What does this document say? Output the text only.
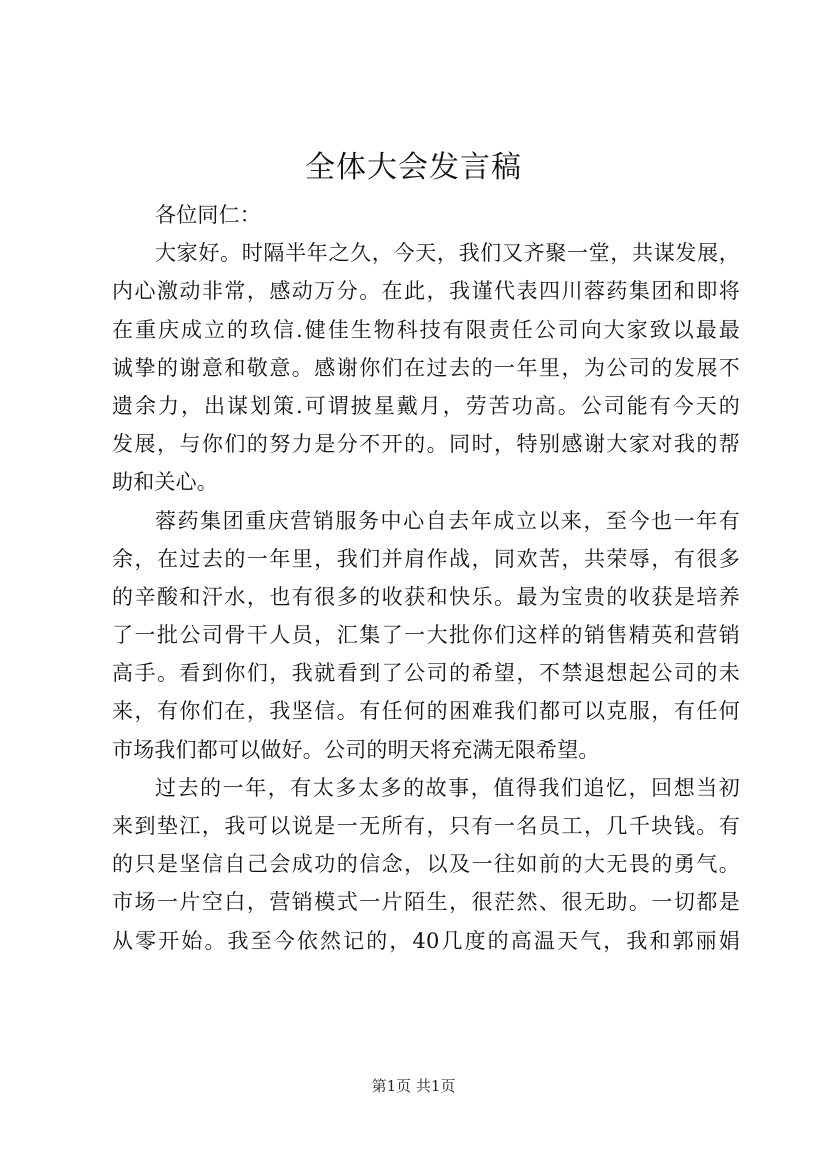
全体大会发言稿
各位同仁：
大家好。时隔半年之久，今天，我们又齐聚一堂，共谋发展，
内心激动非常，感动万分。在此，我谨代表四川蓉药集团和即将
在重庆成立的玖信.健佳生物科技有限责任公司向大家致以最最
诚挚的谢意和敬意。感谢你们在过去的一年里，为公司的发展不
遗余力，出谋划策.可谓披星戴月，劳苦功高。公司能有今天的
发展，与你们的努力是分不开的。同时，特别感谢大家对我的帮
助和关心。
蓉药集团重庆营销服务中心自去年成立以来，至今也一年有
余，在过去的一年里，我们并肩作战，同欢苦，共荣辱，有很多
的辛酸和汗水，也有很多的收获和快乐。最为宝贵的收获是培养
了一批公司骨干人员，汇集了一大批你们这样的销售精英和营销
高手。看到你们，我就看到了公司的希望，不禁退想起公司的未
来，有你们在，我坚信。有任何的困难我们都可以克服，有任何
市场我们都可以做好。公司的明天将充满无限希望。
过去的一年，有太多太多的故事，值得我们追忆，回想当初
来到垫江，我可以说是一无所有，只有一名员工，几千块钱。有
的只是坚信自己会成功的信念，以及一往如前的大无畏的勇气。
市场一片空白，营销模式一片陌生，很茫然、很无助。一切都是
从零开始。我至今依然记的，40几度的高温天气，我和郭丽娟
第1页 共1页
